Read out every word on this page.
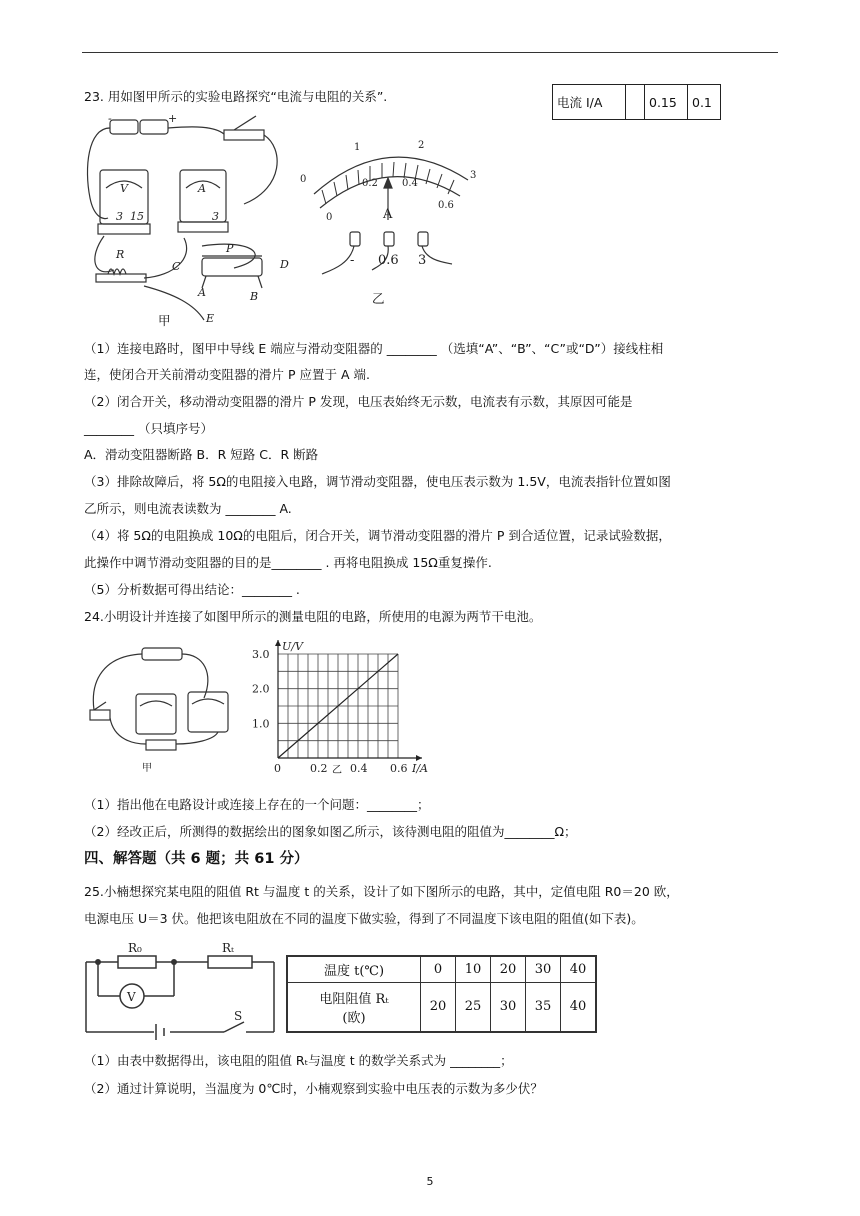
23. 用如图甲所示的实验电路探究“电流与电阻的关系”.	电流 I/A		0.15	0.1
V	A
R	P
C	D
A	B
E
-	+
3 15	3
甲
0
1	2
3
0
0.2 0.4
0.6
A
- 0.6 3
乙
（1）连接电路时，图甲中导线 E 端应与滑动变阻器的 ________ （选填“A”、“B”、“C”或“D”）接线柱相
连，使闭合开关前滑动变阻器的滑片 P 应置于 A 端.
（2）闭合开关，移动滑动变阻器的滑片 P 发现，电压表始终无示数，电流表有示数，其原因可能是
________ （只填序号）
A．滑动变阻器断路 B．R 短路 C．R 断路
（3）排除故障后，将 5Ω的电阻接入电路，调节滑动变阻器，使电压表示数为 1.5V，电流表指针位置如图
乙所示，则电流表读数为 ________ A.
（4）将 5Ω的电阻换成 10Ω的电阻后，闭合开关，调节滑动变阻器的滑片 P 到合适位置，记录试验数据，
此操作中调节滑动变阻器的目的是________ . 再将电阻换成 15Ω重复操作.
（5）分析数据可得出结论：________ .
24.小明设计并连接了如图甲所示的测量电阻的电路，所使用的电源为两节干电池。
甲
U/V
I/A
0	0.2 0.4 0.6
1.0
2.0
3.0
乙
（1）指出他在电路设计或连接上存在的一个问题：________；
（2）经改正后，所测得的数据绘出的图象如图乙所示，该待测电阻的阻值为________Ω；
四、解答题（共 6 题；共 61 分）
25.小楠想探究某电阻的阻值 Rt 与温度 t 的关系，设计了如下图所示的电路，其中，定值电阻 R0＝20 欧，
电源电压 U＝3 伏。他把该电阻放在不同的温度下做实验，得到了不同温度下该电阻的阻值(如下表)。
R₀	Rₜ
V
S
温度 t(℃)	0	10	20	30	40

电阻阻值 Rₜ
(欧)	20	25	30	35	40
（1）由表中数据得出，该电阻的阻值 Rₜ与温度 t 的数学关系式为 ________；
（2）通过计算说明，当温度为 0℃时，小楠观察到实验中电压表的示数为多少伏？
5
